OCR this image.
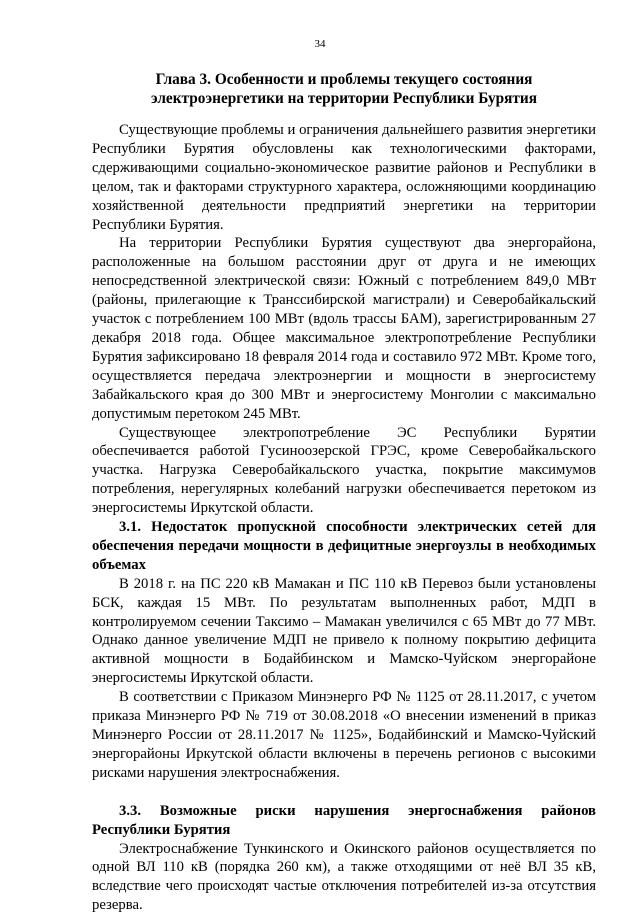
34
Глава 3. Особенности и проблемы текущего состояния электроэнергетики на территории Республики Бурятия

Существующие проблемы и ограничения дальнейшего развития энергетики Республики Бурятия обусловлены как технологическими факторами, сдерживающими социально-экономическое развитие районов и Республики в целом, так и факторами структурного характера, осложняющими координацию хозяйственной деятельности предприятий энергетики на территории Республики Бурятия.

На территории Республики Бурятия существуют два энергорайона, расположенные на большом расстоянии друг от друга и не имеющих непосредственной электрической связи: Южный с потреблением 849,0 МВт (районы, прилегающие к Транссибирской магистрали) и Северобайкальский участок с потреблением 100 МВт (вдоль трассы БАМ), зарегистрированным 27 декабря 2018 года. Общее максимальное электропотребление Республики Бурятия зафиксировано 18 февраля 2014 года и составило 972 МВт. Кроме того, осуществляется передача электроэнергии и мощности в энергосистему Забайкальского края до 300 МВт и энергосистему Монголии с максимально допустимым перетоком 245 МВт.

Существующее электропотребление ЭС Республики Бурятии обеспечивается работой Гусиноозерской ГРЭС, кроме Северобайкальского участка. Нагрузка Северобайкальского участка, покрытие максимумов потребления, нерегулярных колебаний нагрузки обеспечивается перетоком из энергосистемы Иркутской области.

3.1. Недостаток пропускной способности электрических сетей для обеспечения передачи мощности в дефицитные энергоузлы в необходимых объемах

В 2018 г. на ПС 220 кВ Мамакан и ПС 110 кВ Перевоз были установлены БСК, каждая 15 МВт. По результатам выполненных работ, МДП в контролируемом сечении Таксимо – Мамакан увеличился с 65 МВт до 77 МВт. Однако данное увеличение МДП не привело к полному покрытию дефицита активной мощности в Бодайбинском и Мамско-Чуйском энергорайоне энергосистемы Иркутской области.

В соответствии с Приказом Минэнерго РФ № 1125 от 28.11.2017, с учетом приказа Минэнерго РФ № 719 от 30.08.2018 «О внесении изменений в приказ Минэнерго России от 28.11.2017 № 1125», Бодайбинский и Мамско-Чуйский энергорайоны Иркутской области включены в перечень регионов с высокими рисками нарушения электроснабжения.

3.3. Возможные риски нарушения энергоснабжения районов Республики Бурятия

Электроснабжение Тункинского и Окинского районов осуществляется по одной ВЛ 110 кВ (порядка 260 км), а также отходящими от неё ВЛ 35 кВ, вследствие чего происходят частые отключения потребителей из-за отсутствия резерва.
